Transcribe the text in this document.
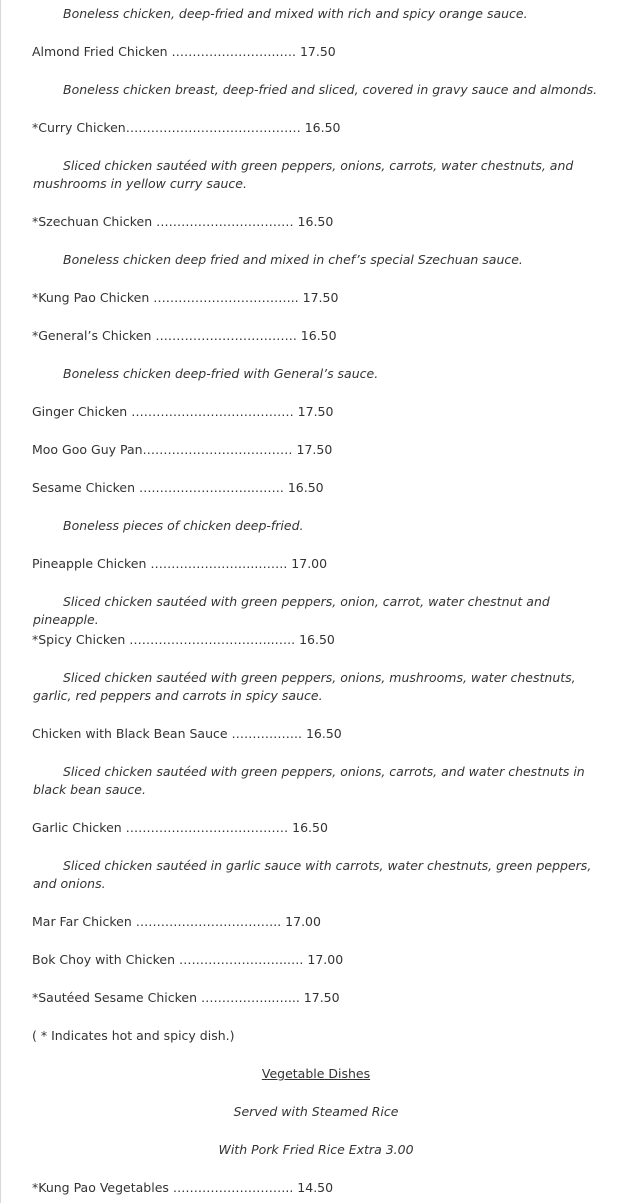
Boneless chicken, deep-fried and mixed with rich and spicy orange sauce.
Almond Fried Chicken ……………………..…. 17.50
Boneless chicken breast, deep-fried and sliced, covered in gravy sauce and almonds.
*Curry Chicken…………………………………… 16.50
Sliced chicken sautéed with green peppers, onions, carrots, water chestnuts, and mushrooms in yellow curry sauce.
*Szechuan Chicken …………………………… 16.50
Boneless chicken deep fried and mixed in chef’s special Szechuan sauce.
*Kung Pao Chicken …………………………….. 17.50
*General’s Chicken ……………………………. 16.50
Boneless chicken deep-fried with General’s sauce.
Ginger Chicken ………………………………… 17.50
Moo Goo Guy Pan……………………………… 17.50
Sesame Chicken ….…….……………..……. 16.50
Boneless pieces of chicken deep-fried.
Pineapple Chicken ……………………..……. 17.00
Sliced chicken sautéed with green peppers, onion, carrot, water chestnut and pineapple.
*Spicy Chicken ……………………………..….. 16.50
Sliced chicken sautéed with green peppers, onions, mushrooms, water chestnuts, garlic, red peppers and carrots in spicy sauce.
Chicken with Black Bean Sauce …………….. 16.50
Sliced chicken sautéed with green peppers, onions, carrots, and water chestnuts in black bean sauce.
Garlic Chicken ………………………………… 16.50
Sliced chicken sautéed in garlic sauce with carrots, water chestnuts, green peppers, and onions.
Mar Far Chicken …………………………….. 17.00
Bok Choy with Chicken ……………………..…. 17.00
*Sautéed Sesame Chicken ……………...…... 17.50
( * Indicates hot and spicy dish.)
Vegetable Dishes
Served with Steamed Rice
With Pork Fried Rice Extra 3.00
*Kung Pao Vegetables ……………………….. 14.50
